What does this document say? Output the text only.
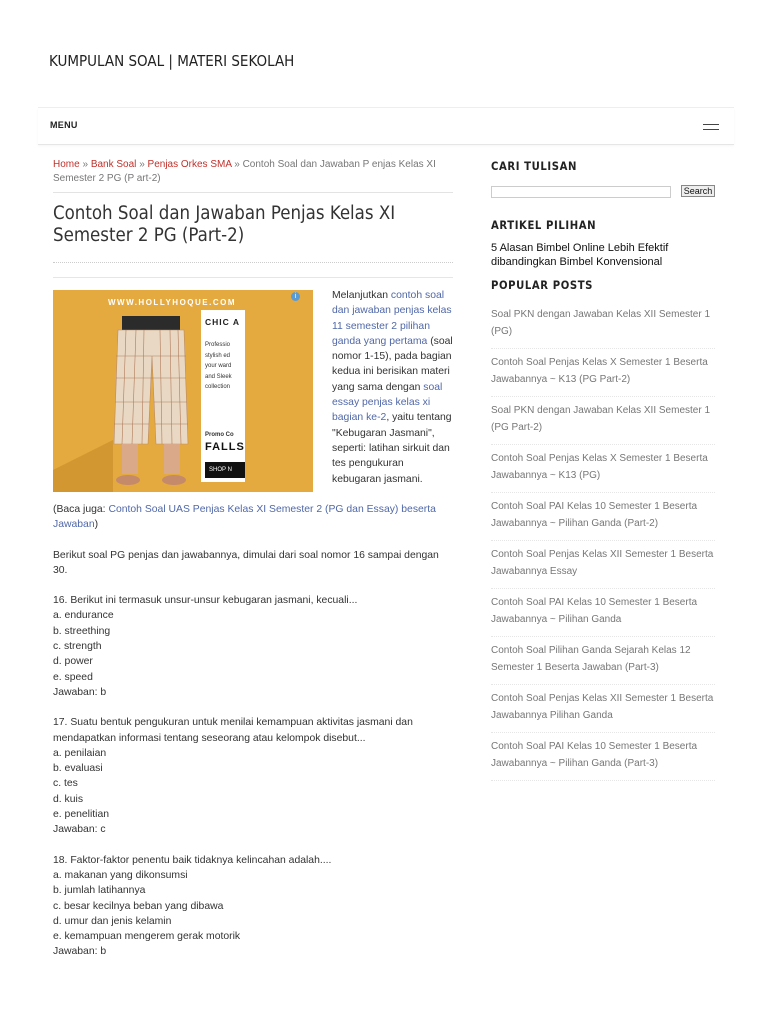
KUMPULAN SOAL | MATERI SEKOLAH
MENU
Home » Bank Soal » Penjas Orkes SMA » Contoh Soal dan Jawaban P enjas Kelas XI Semester 2 PG (P art-2)
Contoh Soal dan Jawaban Penjas Kelas XI Semester 2 PG (Part-2)
WWW.HOLLYHOQUE.COM
i
CHIC A
Professio
stylish ed
your ward
and Sleek
collection
Promo Co
FALLS
SHOP N
Melanjutkan contoh soal dan jawaban penjas kelas 11 semester 2 pilihan ganda yang pertama (soal nomor 1-15), pada bagian kedua ini berisikan materi yang sama dengan soal essay penjas kelas xi bagian ke-2, yaitu tentang "Kebugaran Jasmani", seperti: latihan sirkuit dan tes pengukuran kebugaran jasmani.

(Baca juga: Contoh Soal UAS Penjas Kelas XI Semester 2 (PG dan Essay) beserta Jawaban)

Berikut soal PG penjas dan jawabannya, dimulai dari soal nomor 16 sampai dengan 30.

16. Berikut ini termasuk unsur-unsur kebugaran jasmani, kecuali...
a. endurance
b. streething
c. strength
d. power
e. speed
Jawaban: b
17. Suatu bentuk pengukuran untuk menilai kemampuan aktivitas jasmani dan mendapatkan informasi tentang seseorang atau kelompok disebut...
a. penilaian
b. evaluasi
c. tes
d. kuis
e. penelitian
Jawaban: c
18. Faktor-faktor penentu baik tidaknya kelincahan adalah....
a. makanan yang dikonsumsi
b. jumlah latihannya
c. besar kecilnya beban yang dibawa
d. umur dan jenis kelamin
e. kemampuan mengerem gerak motorik
Jawaban: b
CARI TULISAN
Search
ARTIKEL PILIHAN
5 Alasan Bimbel Online Lebih Efektif dibandingkan Bimbel Konvensional
POPULAR POSTS
Soal PKN dengan Jawaban Kelas XII Semester 1 (PG)
Contoh Soal Penjas Kelas X Semester 1 Beserta Jawabannya ~ K13 (PG Part-2)
Soal PKN dengan Jawaban Kelas XII Semester 1 (PG Part-2)
Contoh Soal Penjas Kelas X Semester 1 Beserta Jawabannya ~ K13 (PG)
Contoh Soal PAI Kelas 10 Semester 1 Beserta Jawabannya ~ Pilihan Ganda (Part-2)
Contoh Soal Penjas Kelas XII Semester 1 Beserta Jawabannya Essay
Contoh Soal PAI Kelas 10 Semester 1 Beserta Jawabannya ~ Pilihan Ganda
Contoh Soal Pilihan Ganda Sejarah Kelas 12 Semester 1 Beserta Jawaban (Part-3)
Contoh Soal Penjas Kelas XII Semester 1 Beserta Jawabannya Pilihan Ganda
Contoh Soal PAI Kelas 10 Semester 1 Beserta Jawabannya ~ Pilihan Ganda (Part-3)
